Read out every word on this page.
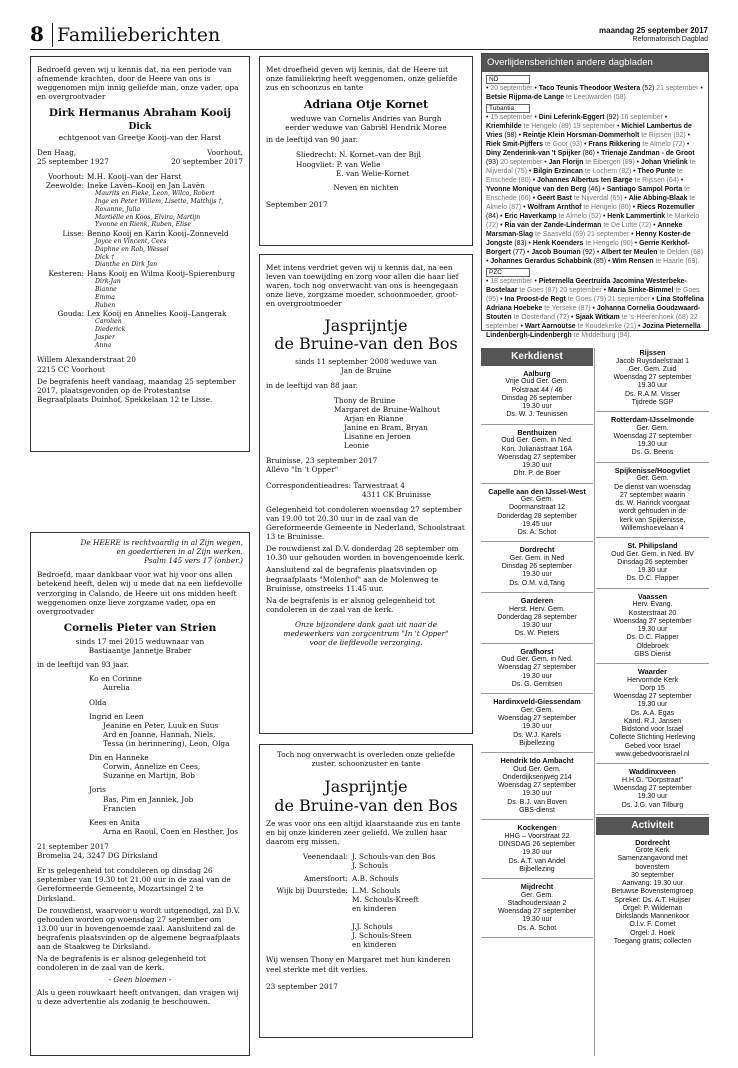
8 Familieberichten	maandag 25 september 2017
Reformatorisch Dagblad
Bedroefd geven wij u kennis dat, na een periode van afnemende krachten, door de Heere van ons is weggenomen mijn innig geliefde man, onze vader, opa en overgrootvader
Dirk Hermanus Abraham Kooij
Dick
echtgenoot van Greetje Kooij–van der Harst
Den Haag,	Voorhout,
25 september 1927	20 september 2017
Voorhout: M.H. Kooij–van der Harst
Zeewolde: Ineke Lavèn–Kooij en Jan Lavèn
Maurits en Fieke, Leon, Wilco, Robert
Inge en Peter Willem, Lisette, Matthijs †,
Roxanne, Julia
Martiëlle en Koos, Elvira, Martijn
Yvonne en Rienk, Ruben, Elise
Lisse: Benno Kooij en Karin Kooij–Zonneveld
Joyce en Vincent, Cees
Daphne en Rob, Wessel
Dick †
Dianthe en Dirk Jan
Kesteren: Hans Kooij en Wilma Kooij–Spierenburg
Dirk-Jan
Bianne
Emma
Ruben
Gouda: Lex Kooij en Annelies Kooij–Langerak
Carolien
Diederick
Jasper
Anna
Willem Alexanderstraat 20
2215 CC Voorhout
De begrafenis heeft vandaag, maandag 25 september 2017, plaatsgevonden op de Protestantse Begraafplaats Duinhof, Spekkelaan 12 te Lisse.
Met droefheid geven wij kennis, dat de Heere uit onze familiekring heeft weggenomen, onze geliefde zus en schoonzus en tante
Adriana Otje Kornet
weduwe van Cornelis Andries van Burgh
eerder weduwe van Gabriël Hendrik Moree
in de leeftijd van 90 jaar.
Sliedrecht: N. Kornet–van der Bijl
Hoogvliet: P. van Welie
E. van Welie-Kornet
Neven en nichten
September 2017
Met intens verdriet geven wij u kennis dat, na een leven van toewijding en zorg voor allen die haar lief waren, toch nog onverwacht van ons is heengegaan onze lieve, zorgzame moeder, schoonmoeder, groot- en overgrootmoeder
Jasprijntje
de Bruine-van den Bos
sinds 11 september 2008 weduwe van
Jan de Bruine
in de leeftijd van 88 jaar.
Thony de Bruine
Margaret de Bruine-Walhout
Arjan en Rianne
Janine en Bram, Bryan
Lisanne en Jeroen
Leonie
Bruinisse, 23 september 2017
Allévo "In 't Opper"
Correspondentieadres: Tarwestraat 4
4311 CK Bruinisse
Gelegenheid tot condoleren woensdag 27 september van 19.00 tot 20.30 uur in de zaal van de Gereformeerde Gemeente in Nederland, Schoolstraat 13 te Bruinisse.
De rouwdienst zal D.V. donderdag 28 september om 10.30 uur gehouden worden in bovengenoemde kerk.
Aansluitend zal de begrafenis plaatsvinden op begraafplaats "Molenhof" aan de Molenweg te Bruinisse, omstreeks 11.45 uur.
Na de begrafenis is er alsnog gelegenheid tot condoleren in de zaal van de kerk.
Onze bijzondere dank gaat uit naar de medewerkers van zorgcentrum "In 't Opper" voor de liefdevolle verzorging.
De HEERE is rechtvaardig in al Zijn wegen,
en goedertieren in al Zijn werken.
Psalm 145 vers 17 (onber.)
Bedroefd, maar dankbaar voor wat hij voor ons allen betekend heeft, delen wij u mede dat na een liefdevolle verzorging in Calando, de Heere uit ons midden heeft weggenomen onze lieve zorgzame vader, opa en overgrootvader
Cornelis Pieter van Strien
sinds 17 mei 2015 weduwnaar van
Bastiaantje Jannetje Braber
in de leeftijd van 93 jaar.
Ko en Corinne
Aurelia
Olda
Ingrid en Leen
Jeanine en Peter, Luuk en Suus
Ard en Joanne, Hannah, Niels,
Tessa (in herinnering), Leon, Olga
Din en Hanneke
Corwin, Annelize en Cees,
Suzanne en Martijn, Bob
Joris
Bas, Pim en Janniek, Job
Francien
Kees en Anita
Arna en Raoul, Coen en Hesther, Jos
21 september 2017
Bromelia 24, 3247 DG Dirksland
Er is gelegenheid tot condoleren op dinsdag 26 september van 19.30 tot 21.00 uur in de zaal van de Gereformeerde Gemeente, Mozartsingel 2 te Dirksland.
De rouwdienst, waarvoor u wordt uitgenodigd, zal D.V. gehouden worden op woensdag 27 september om 13.00 uur in bovengenoemde zaal. Aansluitend zal de begrafenis plaatsvinden op de algemene begraafplaats aan de Staakweg te Dirksland.
Na de begrafenis is er alsnog gelegenheid tot condoleren in de zaal van de kerk.
- Geen bloemen -
Als u geen rouwkaart heeft ontvangen, dan vragen wij u deze advertentie als zodanig te beschouwen.
Toch nog onverwacht is overleden onze geliefde zuster, schoonzuster en tante
Jasprijntje
de Bruine-van den Bos
Ze was voor ons een altijd klaarstaande zus en tante en bij onze kinderen zeer geliefd. We zullen haar daarom erg missen.
Veenendaal: J. Schouls-van den Bos
J. Schouls
Amersfoort: A.B. Schouls
Wijk bij Duurstede: L.M. Schouls
M. Schouls-Kreeft
en kinderen

J.J. Schouls
J. Schouls-Steen
en kinderen
Wij wensen Thony en Margaret met hun kinderen veel sterkte met dit verlies.
23 september 2017
Overlijdensberichten andere dagbladen
ND
• 20 september • Taco Teunis Theodoor Westera (52) 21 september • Betsie Rijpma-de Lange te Leeuwarden (58).
Tubantia
• 15 september • Dini Leferink-Eggert (92) 16 september • Kriemhilde te Hengelo (89) 19 september • Michiel Lambertus de Vries (98) • Reintje Klein Horsman-Dommerholt te Rijssen (92) • Riek Smit-Pijffers te Goor (93) • Frans Rikkering te Almelo (72) • Diny Zenderink-van 't Spijker (86) • Trienaje Zandman - de Groot (93) 20 september • Jan Florijn te Eibergen (89) • Johan Vrielink te Nijverdal (75) • Bilgin Erzincan te Lochem (82) • Theo Punte te Enschede (80) • Johannes Albertus ten Barge te Rijssen (64) • Yvonne Monique van den Berg (46) • Santiago Sampol Porta te Enschede (66) • Geert Bast te Nijverdal (65) • Alie Abbing-Blaak te Almelo (87) • Wolfram Arnthof te Hengelo (80) • Riecs Rozemuller (84) • Eric Haverkamp te Almelo (52) • Henk Lammertink te Markelo (72) • Ria van der Zande-Linderman te De Lutte (72) • Anneke Marsman-Slag te Saasveld (69) 21 september • Henny Koster-de Jongste (83) • Henk Koenders te Hengelo (90) • Gerrie Kerkhof-Borgert (77) • Jacob Bouman (92) • Albert ter Meulen te Delden (68) • Johannes Gerardus Schabbink (85) • Wim Rensen te Haarle (69).
PZC
• 18 september • Pieternella Geertruida Jacomina Westerbeke-Bostelaar te Goes (87) 20 september • Maria Sinke-Bimmel te Goes (95) • Ina Proost-de Regt te Goes (79) 21 september • Lina Stoffelina Adriana Hoebeke te Yerseke (87) • Johanna Cornelia Goudzwaard-Stouten te Oosterland (72) • Sjaak Witkam te 's-Heerenhoek (68) 22 september • Wart Aarnoutse te Koudekerke (21) • Jozina Pieternella Lindenbergh-Lindenbergh te Middelburg (94).
Kerkdienst
Aalburg
Vrije Oud Ger. Gem.
Polstraat 44 / 46
Dinsdag 26 september
19.30 uur
Ds. W. J. Teunissen
Benthuizen
Oud Ger. Gem. in Ned.
Kon. Julianastraat 16A
Woensdag 27 september
19.30 uur
Dhr. P. de Boer
Capelle aan den IJssel-West
Ger. Gem.
Doormanstraat 12
Donderdag 28 september
19.45 uur
Ds. A. Schot
Dordrecht
Ger. Gem. in Ned
Dinsdag 26 september
19.30 uur
Ds. O.M. v.d.Tang
Garderen
Herst. Herv. Gem.
Donderdag 28 september
19.30 uur
Ds. W. Pieters
Grafhorst
Oud Ger. Gem. in Ned.
Woensdag 27 september
19.30 uur
Ds. G. Gerritsen
Hardinxveld-Giessendam
Ger. Gem.
Woensdag 27 september
19.30 uur
Ds. W.J. Karels
Bijbellezing
Hendrik Ido Ambacht
Oud Ger. Gem.
Onderdijkserijweg 214
Woensdag 27 september
19.30 uur
Ds. B.J. van Boven
GBS-dienst
Kockengen
HHG – Voorstraat 22
DINSDAG 26 september
19.30 uur
Ds. A.T. van Andel
Bijbellezing
Mijdrecht
Ger. Gem.
Stadhoudersiaan 2
Woensdag 27 september
19.30 uur
Ds. A. Schot
Rijssen
Jacob Ruysdaelstraat 1
Ger. Gem. Zuid
Woensdag 27 september
19.30 uur
Ds. R.A.M. Visser
Tijdrede SGP
Rotterdam-IJsselmonde
Ger. Gem.
Woensdag 27 september
19.30 uur
Ds. G. Beens
Spijkenisse/Hoogvliet
Ger. Gem.
De dienst van woensdag
27 september waarin
ds. W. Harinck voorgaat
wordt gehouden in de
kerk van Spijkenisse,
Willemshoevelaan 4
St. Philipsland
Oud Ger. Gem. in Ned. BV
Dinsdag 26 september
19.30 uur
Ds. D.C. Flapper
Vaassen
Herv. Evang.
Kosterstraat 20
Woensdag 27 september
19.30 uur
Ds. D.C. Flapper
Oldebroek
GBS Dienst
Waarder
Hervormde Kerk
Dorp 15
Woensdag 27 september
19.30 uur
Ds. A.A. Egas
Kand. R.J. Jansen
Bidstond voor Israel
Collecte Stichting Herleving
Gebed voor Israel
www.gebedvoorisrael.nl
Waddinxveen
H.H.G. "Dorpstraat"
Woensdag 27 september
19.30 uur
Ds. J.G. van Tilburg
Activiteit
Dordrecht
Grote Kerk
Samenzangavond met
bovenstem
30 september
Aanvang: 19.30 uur
Betuwse Bovenstemgroep
Spreker: Ds. A.T. Huijser
Orgel: P. Wildeman
Dirkslands Mannenkoor
O.l.v. F. Cornet
Orgel: J. Hoek
Toegang gratis; collecten
